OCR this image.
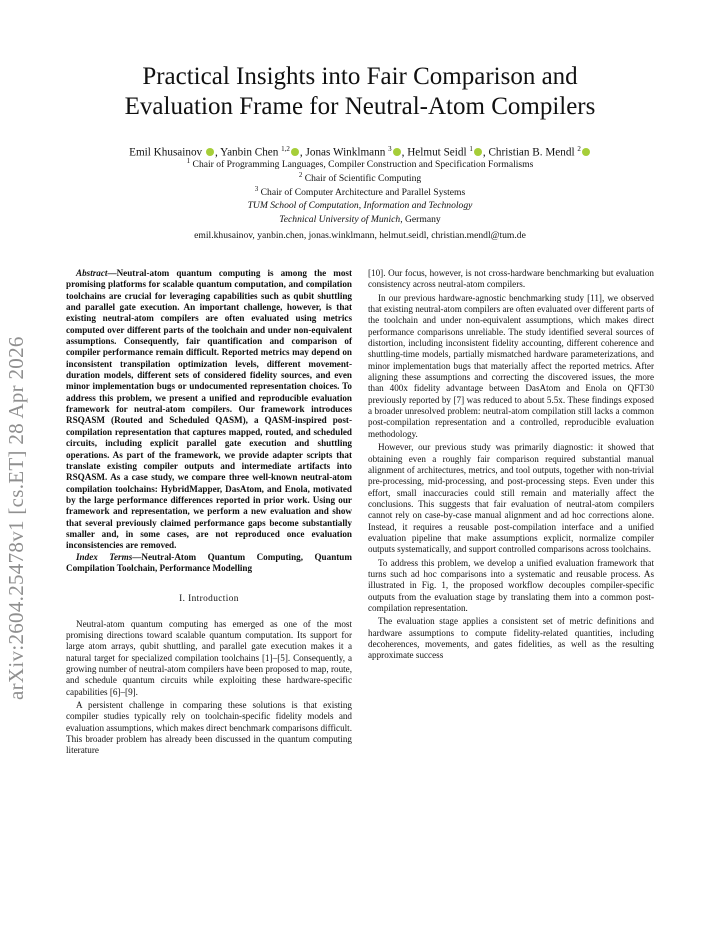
arXiv:2604.25478v1 [cs.ET] 28 Apr 2026
Practical Insights into Fair Comparison and
Evaluation Frame for Neutral-Atom Compilers
Emil Khusainov , Yanbin Chen $^{1,2}$ , Jonas Winklmann $^3$ , Helmut Seidl $^1$ , Christian B. Mendl $^2$
$^1$ Chair of Programming Languages, Compiler Construction and Specification Formalisms
$^2$ Chair of Scientific Computing
$^3$ Chair of Computer Architecture and Parallel Systems
TUM School of Computation, Information and Technology
Technical University of Munich, Germany
emil.khusainov, yanbin.chen, jonas.winklmann, helmut.seidl, christian.mendl@tum.de

Abstract—Neutral-atom quantum computing is among the most promising platforms for scalable quantum computation, and compilation toolchains are crucial for leveraging capabilities such as qubit shuttling and parallel gate execution. An important challenge, however, is that existing neutral-atom compilers are often evaluated using metrics computed over different parts of the toolchain and under non-equivalent assumptions. Consequently, fair quantification and comparison of compiler performance remain difficult. Reported metrics may depend on inconsistent transpilation optimization levels, different movement-duration models, different sets of considered fidelity sources, and even minor implementation bugs or undocumented representation choices. To address this problem, we present a unified and reproducible evaluation framework for neutral-atom compilers. Our framework introduces RSQASM (Routed and Scheduled QASM), a QASM-inspired post-compilation representation that captures mapped, routed, and scheduled circuits, including explicit parallel gate execution and shuttling operations. As part of the framework, we provide adapter scripts that translate existing compiler outputs and intermediate artifacts into RSQASM. As a case study, we compare three well-known neutral-atom compilation toolchains: HybridMapper, DasAtom, and Enola, motivated by the large performance differences reported in prior work. Using our framework and representation, we perform a new evaluation and show that several previously claimed performance gaps become substantially smaller and, in some cases, are not reproduced once evaluation inconsistencies are removed.

Index Terms—Neutral-Atom Quantum Computing, Quantum Compilation Toolchain, Performance Modelling

I. Introduction

Neutral-atom quantum computing has emerged as one of the most promising directions toward scalable quantum computation. Its support for large atom arrays, qubit shuttling, and parallel gate execution makes it a natural target for specialized compilation toolchains [1]–[5]. Consequently, a growing number of neutral-atom compilers have been proposed to map, route, and schedule quantum circuits while exploiting these hardware-specific capabilities [6]–[9].

A persistent challenge in comparing these solutions is that existing compiler studies typically rely on toolchain-specific fidelity models and evaluation assumptions, which makes direct benchmark comparisons difficult. This broader problem has already been discussed in the quantum computing literature

[10]. Our focus, however, is not cross-hardware benchmarking but evaluation consistency across neutral-atom compilers.

In our previous hardware-agnostic benchmarking study [11], we observed that existing neutral-atom compilers are often evaluated over different parts of the toolchain and under non-equivalent assumptions, which makes direct performance comparisons unreliable. The study identified several sources of distortion, including inconsistent fidelity accounting, different coherence and shuttling-time models, partially mismatched hardware parameterizations, and minor implementation bugs that materially affect the reported metrics. After aligning these assumptions and correcting the discovered issues, the more than 400x fidelity advantage between DasAtom and Enola on QFT30 previously reported by [7] was reduced to about 5.5x. These findings exposed a broader unresolved problem: neutral-atom compilation still lacks a common post-compilation representation and a controlled, reproducible evaluation methodology.

However, our previous study was primarily diagnostic: it showed that obtaining even a roughly fair comparison required substantial manual alignment of architectures, metrics, and tool outputs, together with non-trivial pre-processing, mid-processing, and post-processing steps. Even under this effort, small inaccuracies could still remain and materially affect the conclusions. This suggests that fair evaluation of neutral-atom compilers cannot rely on case-by-case manual alignment and ad hoc corrections alone. Instead, it requires a reusable post-compilation interface and a unified evaluation pipeline that make assumptions explicit, normalize compiler outputs systematically, and support controlled comparisons across toolchains.

To address this problem, we develop a unified evaluation framework that turns such ad hoc comparisons into a systematic and reusable process. As illustrated in Fig. 1, the proposed workflow decouples compiler-specific outputs from the evaluation stage by translating them into a common post-compilation representation.

The evaluation stage applies a consistent set of metric definitions and hardware assumptions to compute fidelity-related quantities, including decoherences, movements, and gates fidelities, as well as the resulting approximate success
